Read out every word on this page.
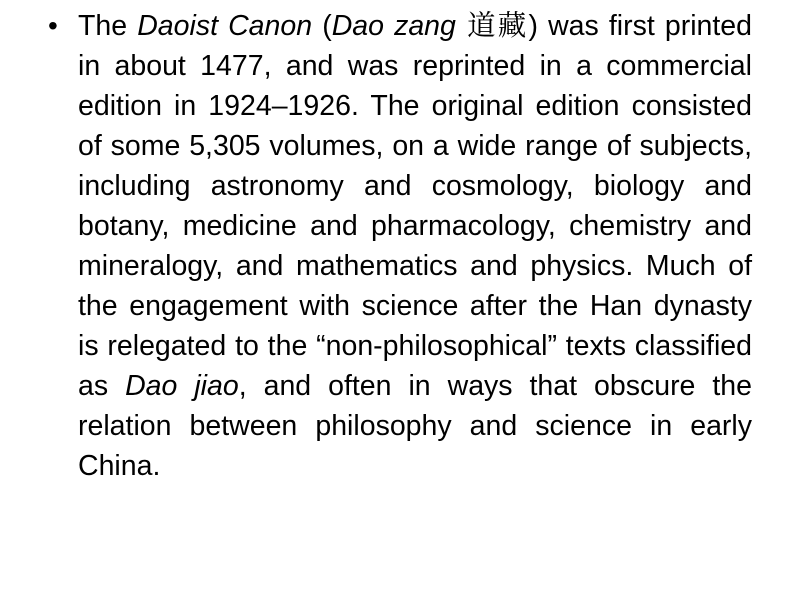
• The Daoist Canon (Dao zang 道藏) was first printed in about 1477, and was reprinted in a commercial edition in 1924–1926. The original edition consisted of some 5,305 volumes, on a wide range of subjects, including astronomy and cosmology, biology and botany, medicine and pharmacology, chemistry and mineralogy, and mathematics and physics. Much of the engagement with science after the Han dynasty is relegated to the “non-philosophical” texts classified as Dao jiao, and often in ways that obscure the relation between philosophy and science in early China.
